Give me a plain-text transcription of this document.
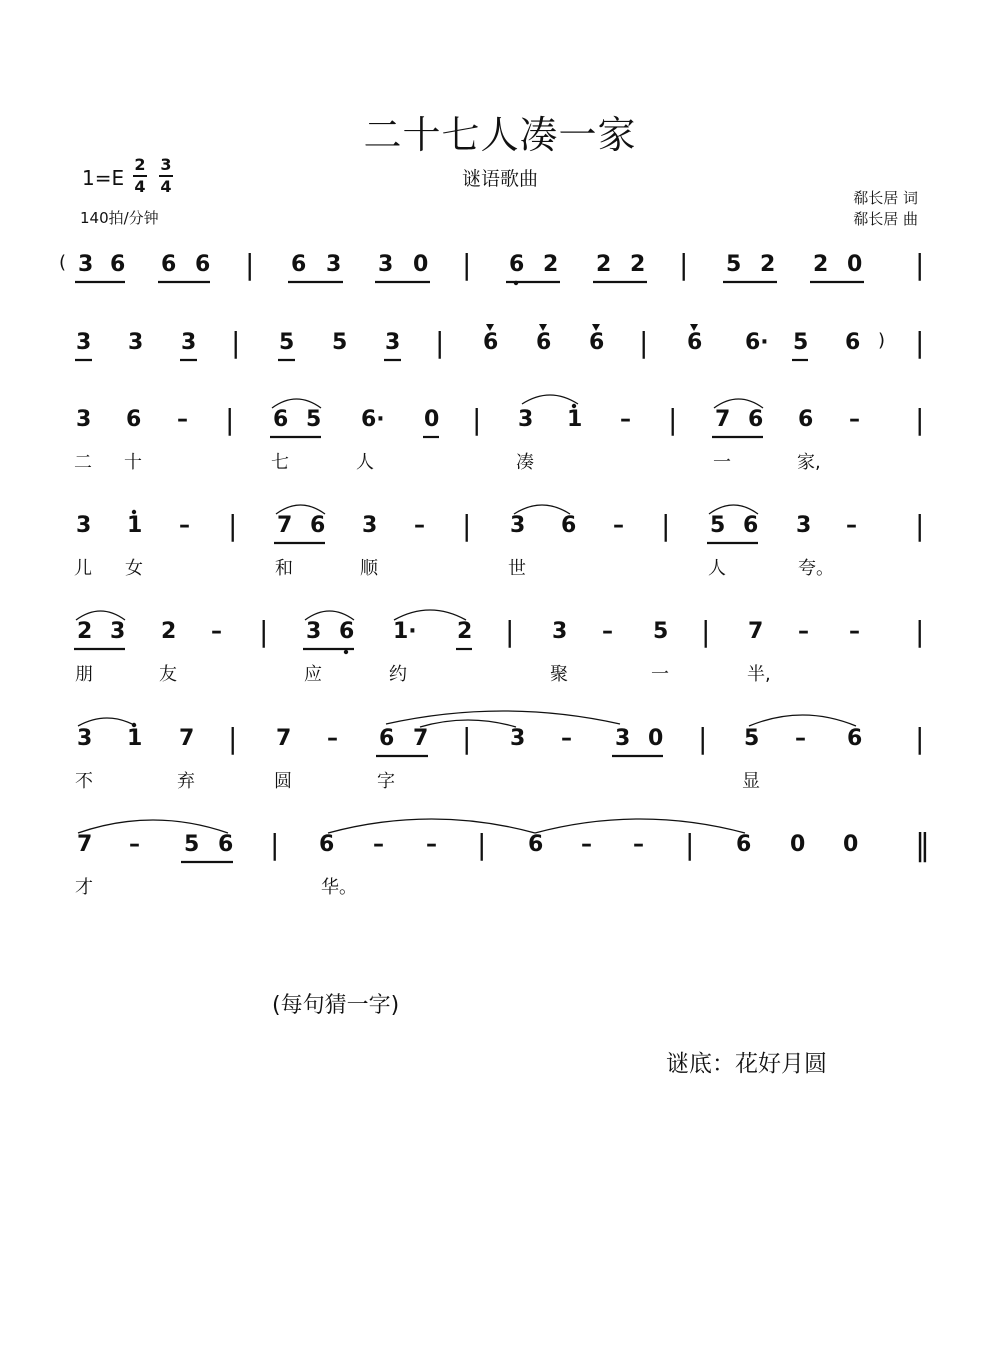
二十七人凑一家
谜语歌曲
1=E
2
4
3
4
140拍/分钟
郗长居 词
郗长居 曲
( 3 6 6 6 | 6 3 3 0 | 6 2 2 2 | 5 2 2 0 |
3 3 3 | 5 5 3 | 6 6 6 | 6 6· 5 6 ) |
3 6 – | 6 5 6· 0 | 3 1 – | 7 6 6 – |
二 十	七	人	凑	一	家,
3 1 – | 7 6 3 – | 3 6 – | 5 6 3 – |
儿 女	和	顺	世	人	夸。
2 3 2 – | 3 6 1· 2 | 3 – 5 | 7 – – |
朋	友	应	约	聚	一	半,
3 1 7 | 7 – 6 7 | 3 – 3 0 | 5 – 6 |
不	弃	圆	字	显
7 – 5 6 | 6 – – | 6 – – | 6 0 0 ‖
才	华。
(每句猜一字)
谜底：花好月圆
